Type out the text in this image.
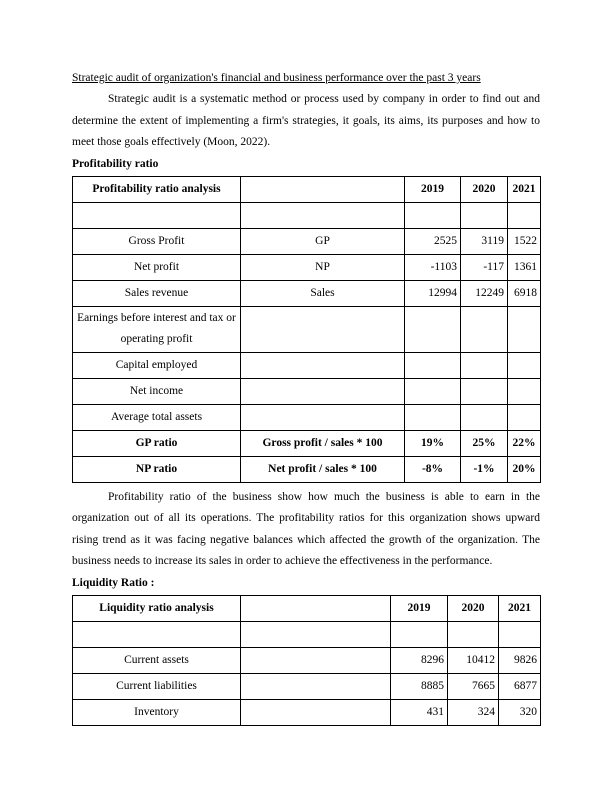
Strategic audit of organization's financial and business performance over the past 3 years

Strategic audit is a systematic method or process used by company in order to find out and determine the extent of implementing a firm's strategies, it goals, its aims, its purposes and how to meet those goals effectively (Moon, 2022).

Profitability ratio
Profitability ratio analysis		2019	2020	2021

Gross Profit	GP	2525	3119	1522
Net profit	NP	-1103	-117	1361
Sales revenue	Sales	12994	12249	6918
Earnings before interest and tax or operating profit				
Capital employed				
Net income				
Average total assets				
GP ratio	Gross profit / sales * 100	19%	25%	22%
NP ratio	Net profit / sales * 100	-8%	-1%	20%

Profitability ratio of the business show how much the business is able to earn in the organization out of all its operations. The profitability ratios for this organization shows upward rising trend as it was facing negative balances which affected the growth of the organization. The business needs to increase its sales in order to achieve the effectiveness in the performance.

Liquidity Ratio :
Liquidity ratio analysis		2019	2020	2021

Current assets		8296	10412	9826
Current liabilities		8885	7665	6877
Inventory		431	324	320
